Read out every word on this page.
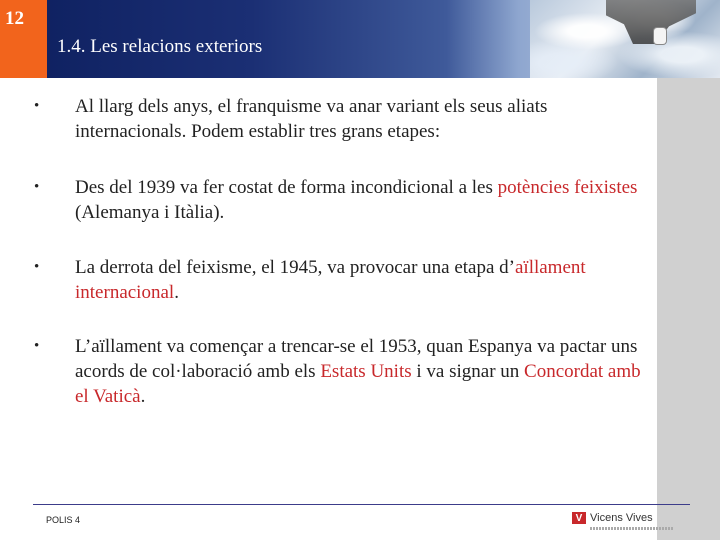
12
1.4. Les relacions exteriors
• Al llarg dels anys, el franquisme va anar variant els seus aliats internacionals. Podem establir tres grans etapes:
• Des del 1939 va fer costat de forma incondicional a les potències feixistes (Alemanya i Itàlia).
• La derrota del feixisme, el 1945, va provocar una etapa d’aïllament internacional.
• L’aïllament va començar a trencar-se el 1953, quan Espanya va pactar uns acords de col·laboració amb els Estats Units i va signar un Concordat amb el Vaticà.
POLIS 4	V Vicens Vives
